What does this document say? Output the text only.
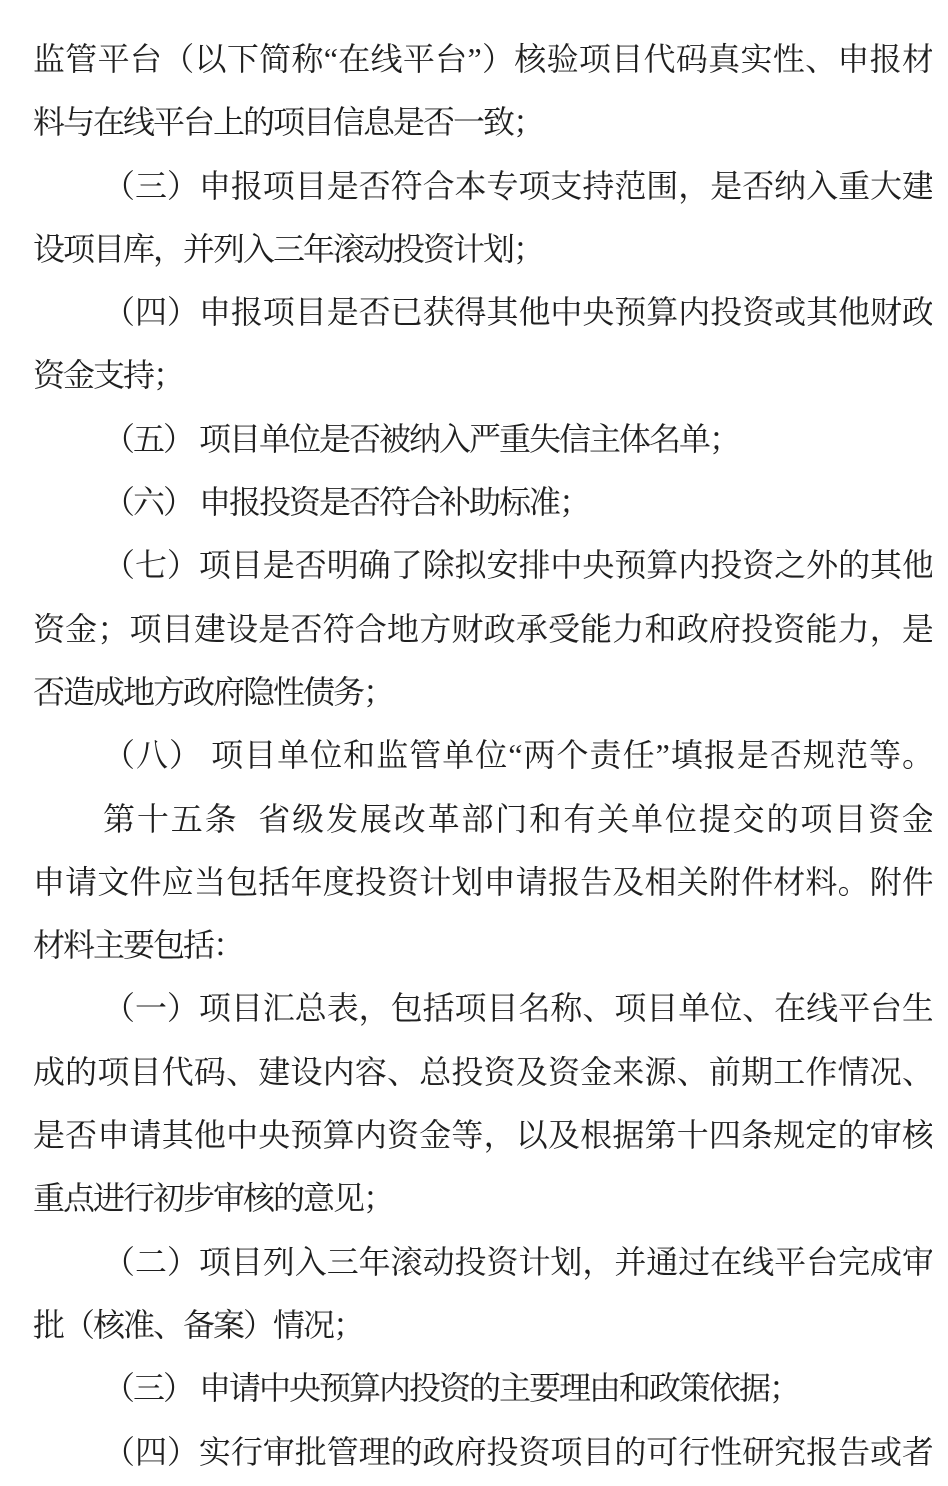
监管平台（以下简称“在线平台”）核验项目代码真实性、申报材
料与在线平台上的项目信息是否一致；
（三）申报项目是否符合本专项支持范围，是否纳入重大建
设项目库，并列入三年滚动投资计划；
（四）申报项目是否已获得其他中央预算内投资或其他财政
资金支持；
（五） 项目单位是否被纳入严重失信主体名单；
（六） 申报投资是否符合补助标准；
（七）项目是否明确了除拟安排中央预算内投资之外的其他
资金；项目建设是否符合地方财政承受能力和政府投资能力，是
否造成地方政府隐性债务；
（八） 项目单位和监管单位“两个责任”填报是否规范等。
第十五条  省级发展改革部门和有关单位提交的项目资金
申请文件应当包括年度投资计划申请报告及相关附件材料。附件
材料主要包括：
（一）项目汇总表，包括项目名称、项目单位、在线平台生
成的项目代码、建设内容、总投资及资金来源、前期工作情况、
是否申请其他中央预算内资金等，以及根据第十四条规定的审核
重点进行初步审核的意见；
（二）项目列入三年滚动投资计划，并通过在线平台完成审
批（核准、备案）情况；
（三） 申请中央预算内投资的主要理由和政策依据；
（四）实行审批管理的政府投资项目的可行性研究报告或者
